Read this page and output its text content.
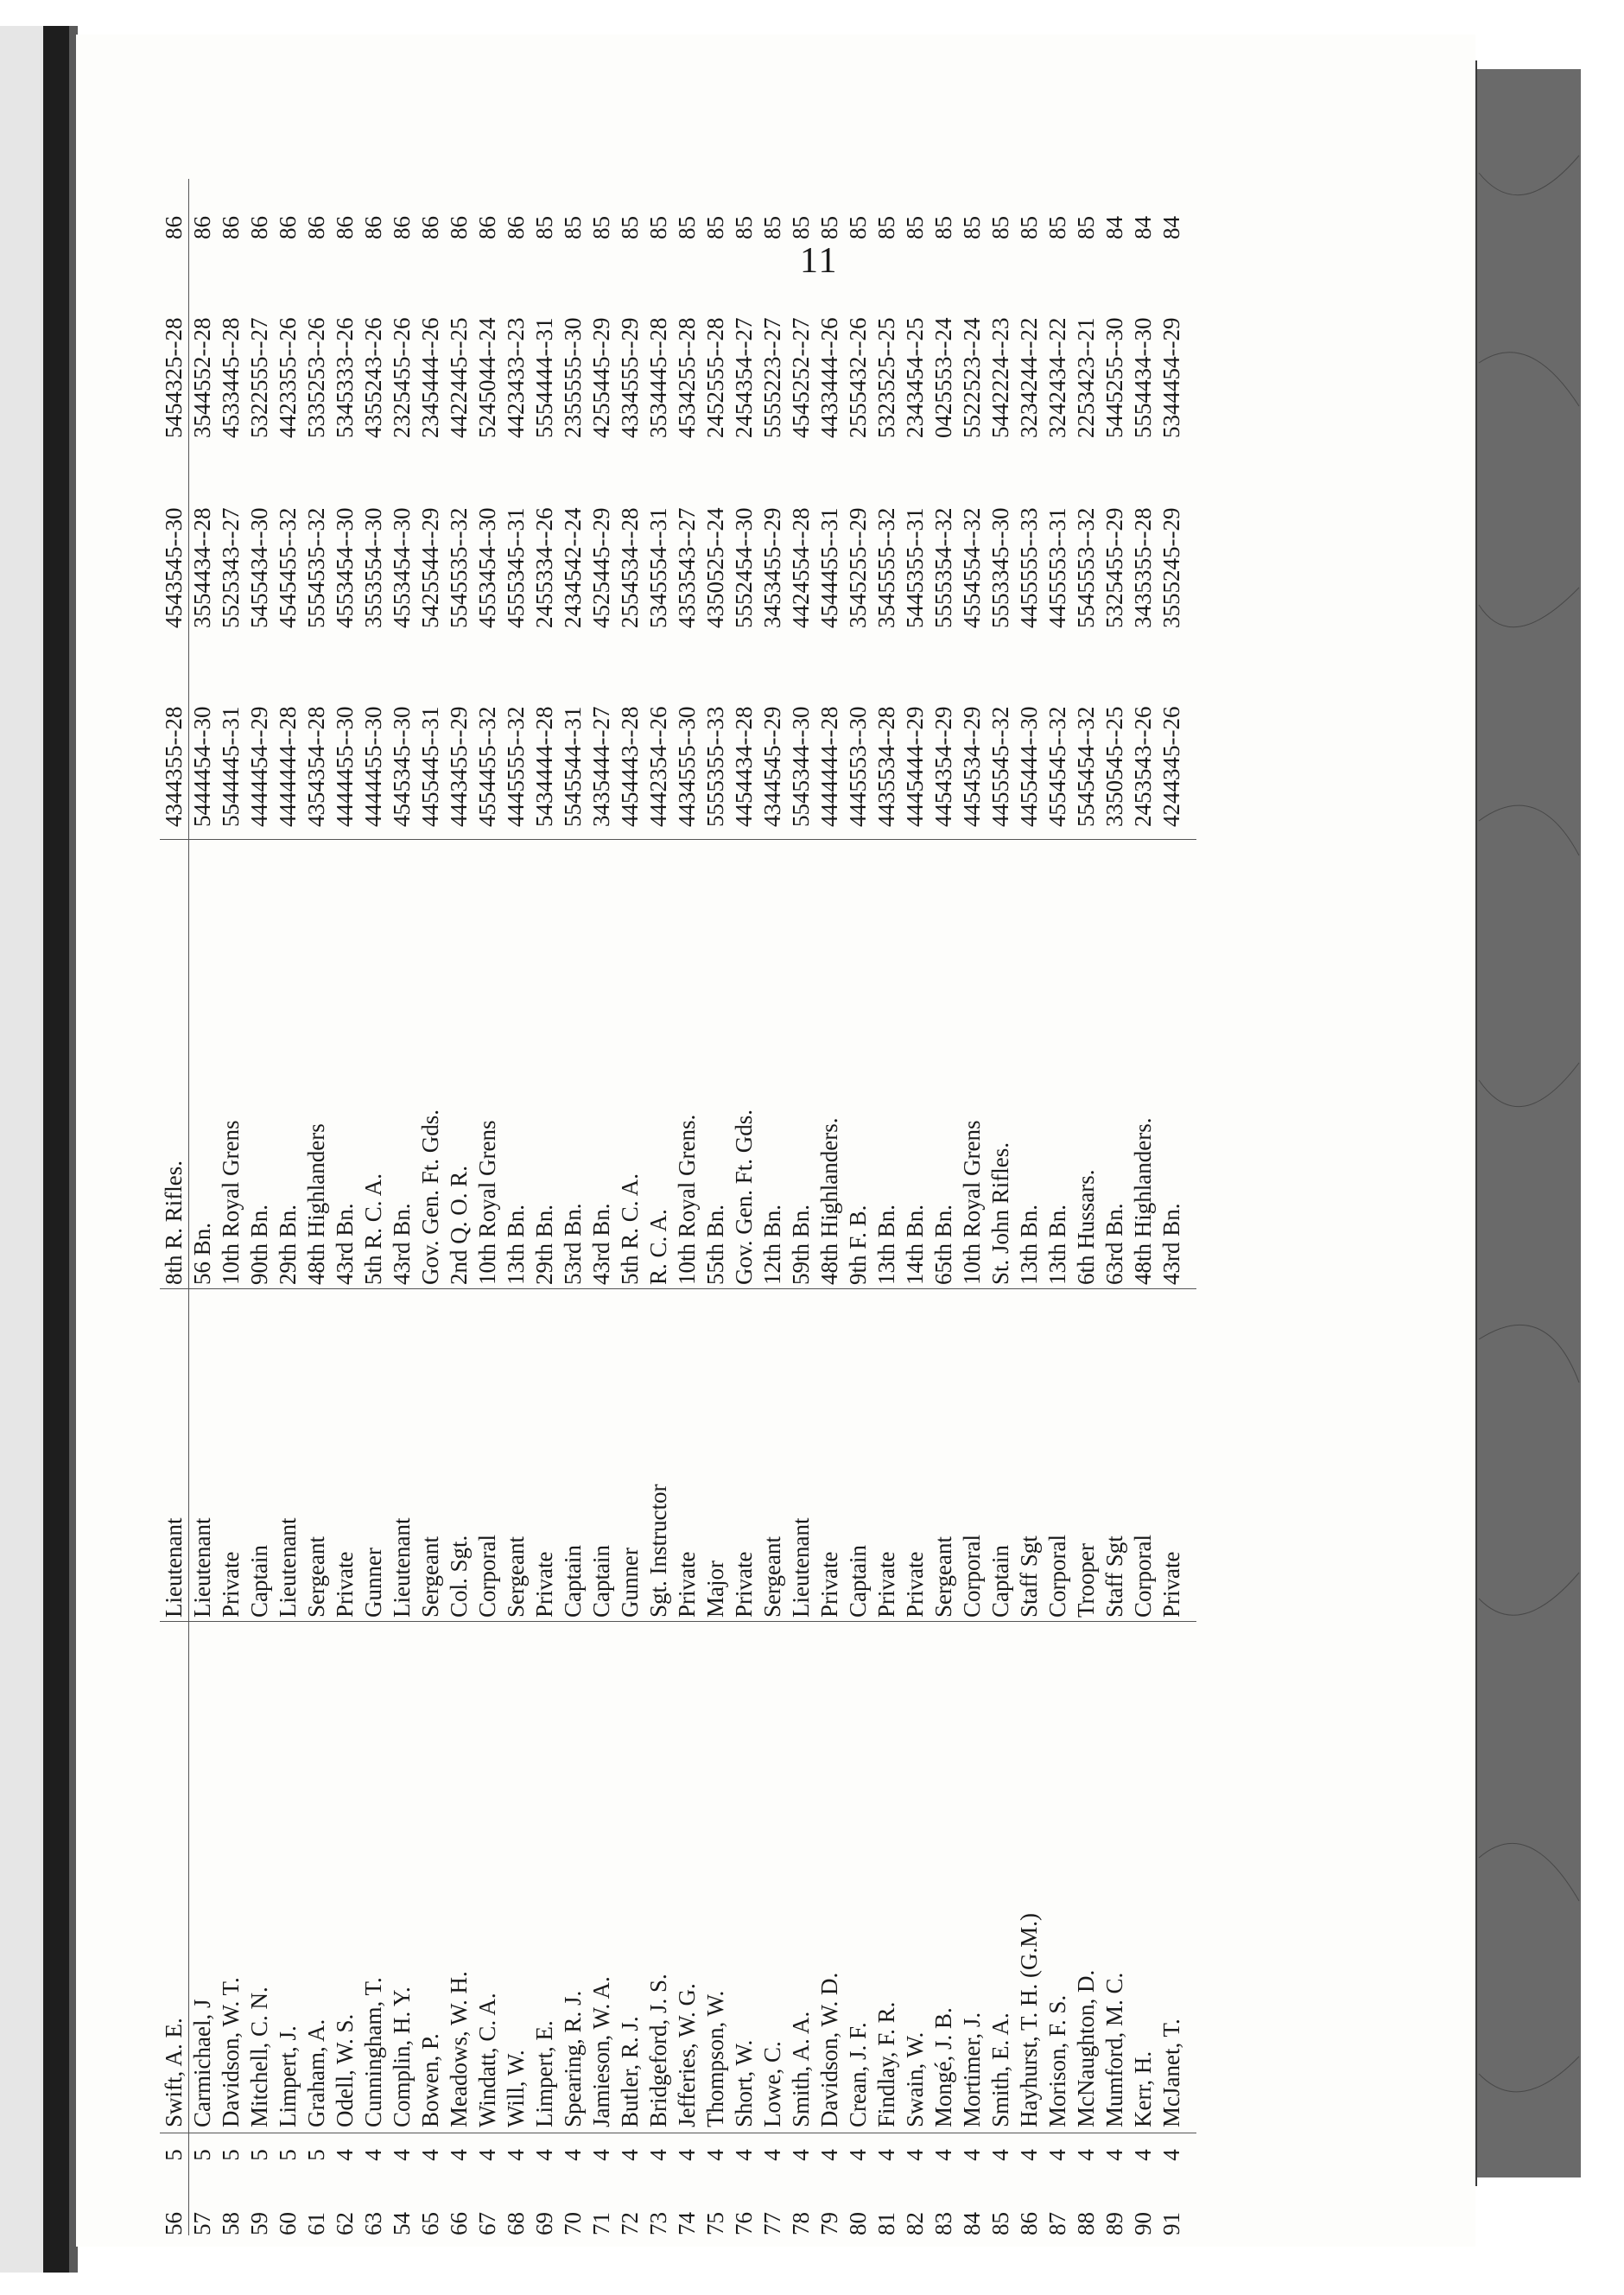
11
56
5
Swift, A. E.
Lieutenant
8th R. Rifles.
4344355--28
4543545--30
5454325--28
86
57
5
Carmichael, J
Lieutenant
56 Bn.
5444454--30
3554434--28
3544552--28
86
58
5
Davidson, W. T.
Private
10th Royal Grens
5544445--31
5525343--27
4533445--28
86
59
5
Mitchell, C. N.
Captain
90th Bn.
4444454--29
5455434--30
5322555--27
86
60
5
Limpert, J.
Lieutenant
29th Bn.
4444444--28
4545455--32
4423355--26
86
61
5
Graham, A.
Sergeant
48th Highlanders
4354354--28
5554535--32
5335253--26
86
62
4
Odell, W. S.
Private
43rd Bn.
4444455--30
4553454--30
5345333--26
86
63
4
Cunningham, T.
Gunner
5th R. C. A.
4444455--30
3553554--30
4355243--26
86
54
4
Complin, H. Y.
Lieutenant
43rd Bn.
4545345--30
4553454--30
2325455--26
86
65
4
Bowen, P.
Sergeant
Gov. Gen. Ft. Gds.
4455445--31
5425544--29
2345444--26
86
66
4
Meadows, W. H.
Col. Sgt.
2nd Q. O. R.
4443455--29
5545535--32
4422445--25
86
67
4
Windatt, C. A.
Corporal
10th Royal Grens
4554455--32
4553454--30
5245044--24
86
68
4
Will, W.
Sergeant
13th Bn.
4445555--32
4555345--31
4423433--23
86
69
4
Limpert, E.
Private
29th Bn.
5434444--28
2455334--26
5554444--31
85
70
4
Spearing, R. J.
Captain
53rd Bn.
5545544--31
2434542--24
2355555--30
85
71
4
Jamieson, W. A.
Captain
43rd Bn.
3435444--27
4525445--29
4255445--29
85
72
4
Butler, R. J.
Gunner
5th R. C. A.
4454443--28
2554534--28
4334555--29
85
73
4
Bridgeford, J. S.
Sgt. Instructor
R. C. A.
4442354--26
5345554--31
3534445--28
85
74
4
Jefferies, W. G.
Private
10th Royal Grens.
4434555--30
4353543--27
4534255--28
85
75
4
Thompson, W.
Major
55th Bn.
5555355--33
4350525--24
2452555--28
85
76
4
Short, W.
Private
Gov. Gen. Ft. Gds.
4454434--28
5552454--30
2454354--27
85
77
4
Lowe, C.
Sergeant
12th Bn.
4344545--29
3453455--29
5555223--27
85
78
4
Smith, A. A.
Lieutenant
59th Bn.
5545344--30
4424554--28
4545252--27
85
79
4
Davidson, W. D.
Private
48th Highlanders.
4444444--28
4544455--31
4433444--26
85
80
4
Crean, J. F.
Captain
9th F. B.
4445553--30
3545255--29
2555432--26
85
81
4
Findlay, F. R.
Private
13th Bn.
4435534--28
3545555--32
5323525--25
85
82
4
Swain, W.
Private
14th Bn.
4445444--29
5445355--31
2343454--25
85
83
4
Mongé, J. B.
Sergeant
65th Bn.
4454354--29
5555354--32
0425553--24
85
84
4
Mortimer, J.
Corporal
10th Royal Grens
4454534--29
4554554--32
5522523--24
85
85
4
Smith, E. A.
Captain
St. John Rifles.
4455545--32
5553345--30
5442224--23
85
86
4
Hayhurst, T. H. (G.M.)
Staff Sgt
13th Bn.
4455444--30
4455555--33
3234244--22
85
87
4
Morison, F. S.
Corporal
13th Bn.
4554545--32
4455553--31
3242434--22
85
88
4
McNaughton, D.
Trooper
6th Hussars.
5545454--32
5545553--32
2253423--21
85
89
4
Mumford, M. C.
Staff Sgt
63rd Bn.
3350545--25
5325455--29
5445255--30
84
90
4
Kerr, H.
Corporal
48th Highlanders.
2453543--26
3435355--28
5554434--30
84
91
4
McJanet, T.
Private
43rd Bn.
4244345--26
3555245--29
5344454--29
84
